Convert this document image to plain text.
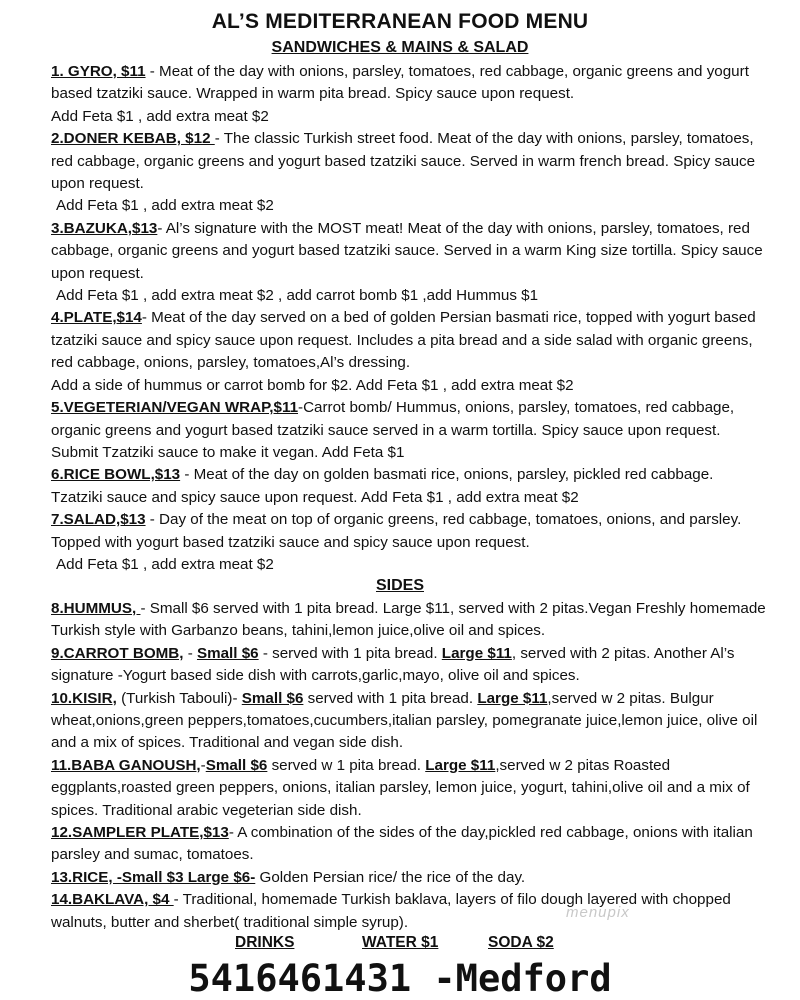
AL’S MEDITERRANEAN FOOD MENU
SANDWICHES & MAINS & SALAD

1. GYRO, $11 - Meat of the day with onions, parsley, tomatoes, red cabbage, organic greens and yogurt based tzatziki sauce. Wrapped in warm pita bread. Spicy sauce upon request.
Add Feta $1 , add extra meat $2

2.DONER KEBAB, $12 - The classic Turkish street food. Meat of the day with onions, parsley, tomatoes, red cabbage, organic greens and yogurt based tzatziki sauce. Served in warm french bread. Spicy sauce upon request.
Add Feta $1 , add extra meat $2

3.BAZUKA,$13- Al’s signature with the MOST meat! Meat of the day with onions, parsley, tomatoes, red cabbage, organic greens and yogurt based tzatziki sauce. Served in a warm King size tortilla. Spicy sauce upon request.
Add Feta $1 , add extra meat $2 , add carrot bomb $1 ,add Hummus $1

4.PLATE,$14- Meat of the day served on a bed of golden Persian basmati rice, topped with yogurt based tzatziki sauce and spicy sauce upon request. Includes a pita bread and a side salad with organic greens, red cabbage, onions, parsley, tomatoes,Al’s dressing.
Add a side of hummus or carrot bomb for $2. Add Feta $1 , add extra meat $2

5.VEGETERIAN/VEGAN WRAP,$11-Carrot bomb/ Hummus, onions, parsley, tomatoes, red cabbage, organic greens and yogurt based tzatziki sauce served in a warm tortilla. Spicy sauce upon request. Submit Tzatziki sauce to make it vegan. Add Feta $1

6.RICE BOWL,$13 - Meat of the day on golden basmati rice, onions, parsley, pickled red cabbage. Tzatziki sauce and spicy sauce upon request. Add Feta $1 , add extra meat $2

7.SALAD,$13 - Day of the meat on top of organic greens, red cabbage, tomatoes, onions, and parsley. Topped with yogurt based tzatziki sauce and spicy sauce upon request.
Add Feta $1 , add extra meat $2

SIDES

8.HUMMUS, - Small $6 served with 1 pita bread. Large $11, served with 2 pitas.Vegan Freshly homemade Turkish style with Garbanzo beans, tahini,lemon juice,olive oil and spices.

9.CARROT BOMB, - Small $6 - served with 1 pita bread. Large $11, served with 2 pitas. Another Al’s signature -Yogurt based side dish with carrots,garlic,mayo, olive oil and spices.

10.KISIR, (Turkish Tabouli)- Small $6 served with 1 pita bread. Large $11,served w 2 pitas. Bulgur wheat,onions,green peppers,tomatoes,cucumbers,italian parsley, pomegranate juice,lemon juice, olive oil and a mix of spices. Traditional and vegan side dish.

11.BABA GANOUSH,-Small $6 served w 1 pita bread. Large $11,served w 2 pitas Roasted eggplants,roasted green peppers, onions, italian parsley, lemon juice, yogurt, tahini,olive oil and a mix of spices. Traditional arabic vegeterian side dish.

12.SAMPLER PLATE,$13- A combination of the sides of the day,pickled red cabbage, onions with italian parsley and sumac, tomatoes.

13.RICE, -Small $3 Large $6- Golden Persian rice/ the rice of the day.

14.BAKLAVA, $4 - Traditional, homemade Turkish baklava, layers of filo dough layered with chopped walnuts, butter and sherbet( traditional simple syrup).

menupix
DRINKS	WATER $1	SODA $2
5416461431 -Medford
